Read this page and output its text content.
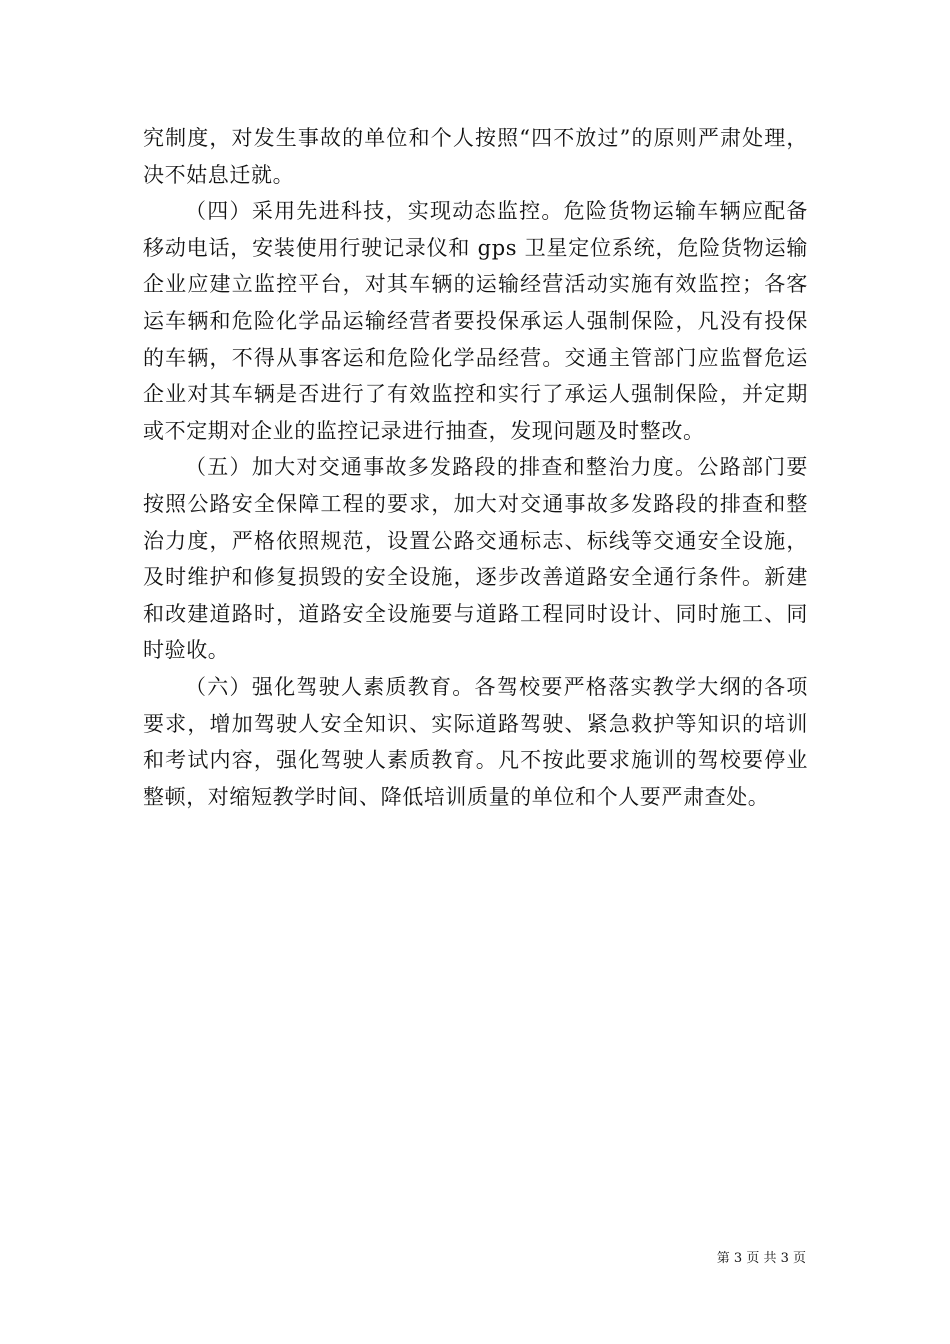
究制度，对发生事故的单位和个人按照“四不放过”的原则严肃处理，决不姑息迁就。

（四）采用先进科技，实现动态监控。危险货物运输车辆应配备移动电话，安装使用行驶记录仪和 gps 卫星定位系统，危险货物运输企业应建立监控平台，对其车辆的运输经营活动实施有效监控；各客运车辆和危险化学品运输经营者要投保承运人强制保险，凡没有投保的车辆，不得从事客运和危险化学品经营。交通主管部门应监督危运企业对其车辆是否进行了有效监控和实行了承运人强制保险，并定期或不定期对企业的监控记录进行抽查，发现问题及时整改。

（五）加大对交通事故多发路段的排查和整治力度。公路部门要按照公路安全保障工程的要求，加大对交通事故多发路段的排查和整治力度，严格依照规范，设置公路交通标志、标线等交通安全设施，及时维护和修复损毁的安全设施，逐步改善道路安全通行条件。新建和改建道路时，道路安全设施要与道路工程同时设计、同时施工、同时验收。

（六）强化驾驶人素质教育。各驾校要严格落实教学大纲的各项要求，增加驾驶人安全知识、实际道路驾驶、紧急救护等知识的培训和考试内容，强化驾驶人素质教育。凡不按此要求施训的驾校要停业整顿，对缩短教学时间、降低培训质量的单位和个人要严肃查处。

第 3 页 共 3 页
